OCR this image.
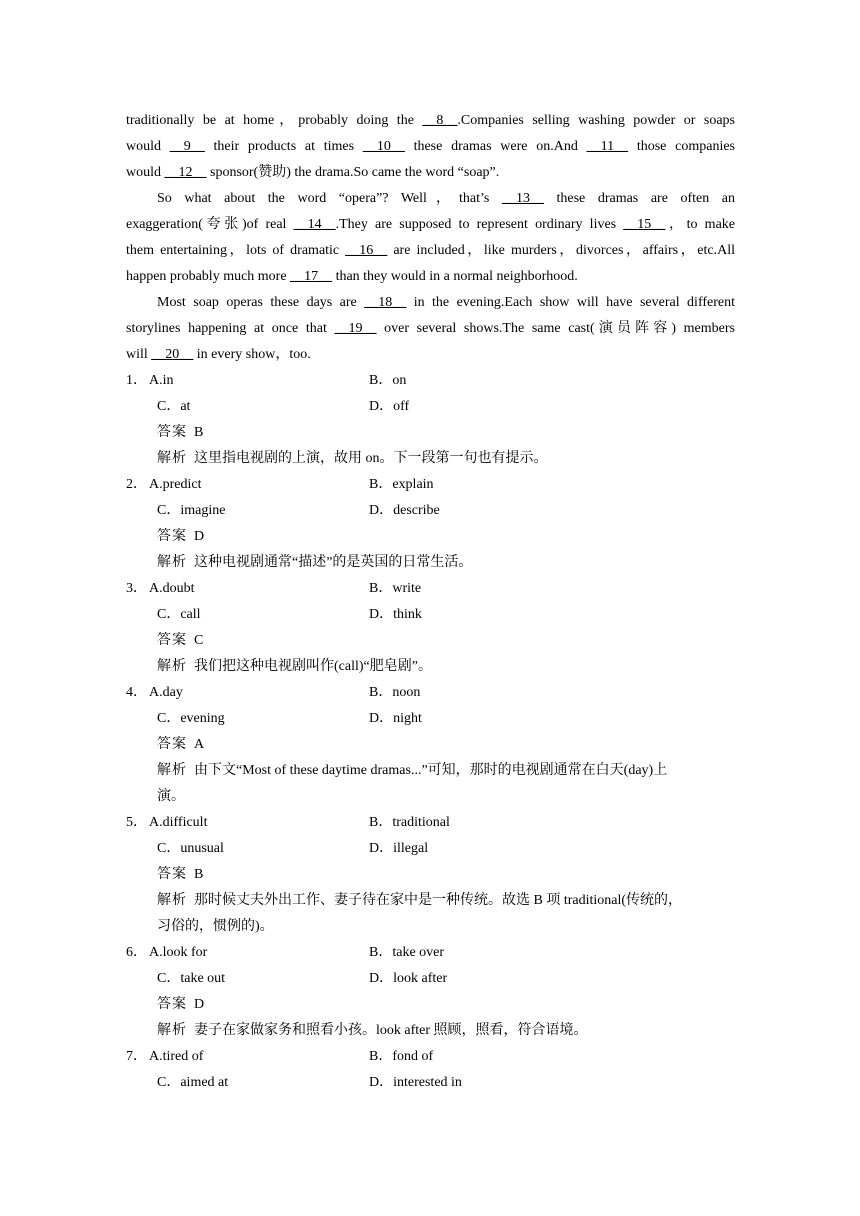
traditionally be at home，probably doing the __8__.Companies selling washing powder or soaps
would __9__ their products at times __10__ these dramas were on.And __11__ those companies
would __12__ sponsor(赞助) the drama.So came the word “soap”.
So what about the word “opera”? Well，that’s __13__ these dramas are often an
exaggeration(夸张)of real __14__.They are supposed to represent ordinary lives __15__，to make
them entertaining，lots of dramatic __16__ are included，like murders，divorces，affairs，etc.All
happen probably much more __17__ than they would in a normal neighborhood.
Most soap operas these days are __18__ in the evening.Each show will have several different
storylines happening at once that __19__ over several shows.The same cast(演员阵容) members
will __20__ in every show，too.
1． A.in	B．on
C．at	D．off
答案 B
解析 这里指电视剧的上演，故用 on。下一段第一句也有提示。
2． A.predict	B．explain
C．imagine	D．describe
答案 D
解析 这种电视剧通常“描述”的是英国的日常生活。
3． A.doubt	B．write
C．call	D．think
答案 C
解析 我们把这种电视剧叫作(call)“肥皂剧”。
4． A.day	B．noon
C．evening	D．night
答案 A
解析 由下文“Most of these daytime dramas...”可知，那时的电视剧通常在白天(day)上
演。
5． A.difficult	B．traditional
C．unusual	D．illegal
答案 B
解析 那时候丈夫外出工作、妻子待在家中是一种传统。故选 B 项 traditional(传统的，
习俗的，惯例的)。
6． A.look for	B．take over
C．take out	D．look after
答案 D
解析 妻子在家做家务和照看小孩。look after 照顾，照看，符合语境。
7． A.tired of	B．fond of
C．aimed at	D．interested in
